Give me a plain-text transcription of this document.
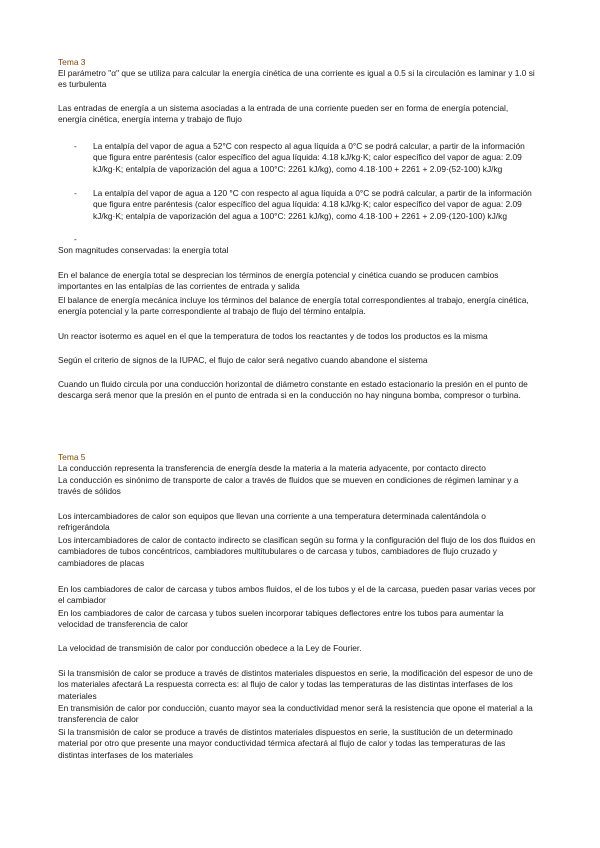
Tema 3
El parámetro "α" que se utiliza para calcular la energía cinética de una corriente es igual a 0.5 si la circulación es laminar y 1.0 si es turbulenta
Las entradas de energía a un sistema asociadas a la entrada de una corriente pueden ser en forma de energía potencial, energía cinética, energía interna y trabajo de flujo
-	La entalpía del vapor de agua a 52°C con respecto al agua líquida a 0°C se podrá calcular, a partir de la información que figura entre paréntesis (calor específico del agua líquida: 4.18 kJ/kg·K; calor específico del vapor de agua: 2.09 kJ/kg·K; entalpía de vaporización del agua a 100°C: 2261 kJ/kg), como 4.18·100 + 2261 + 2.09·(52-100) kJ/kg
-	La entalpía del vapor de agua a 120 °C con respecto al agua líquida a 0°C se podrá calcular, a partir de la información que figura entre paréntesis (calor específico del agua líquida: 4.18 kJ/kg·K; calor específico del vapor de agua: 2.09 kJ/kg·K; entalpía de vaporización del agua a 100°C: 2261 kJ/kg), como 4.18·100 + 2261 + 2.09·(120-100) kJ/kg
-
Son magnitudes conservadas: la energía total
En el balance de energía total se desprecian los términos de energía potencial y cinética cuando se producen cambios importantes en las entalpías de las corrientes de entrada y salida
El balance de energía mecánica incluye los términos del balance de energía total correspondientes al trabajo, energía cinética, energía potencial y la parte correspondiente al trabajo de flujo del término entalpía.
Un reactor isotermo es aquel en el que la temperatura de todos los reactantes y de todos los productos es la misma
Según el criterio de signos de la IUPAC, el flujo de calor será negativo cuando abandone el sistema
Cuando un fluido circula por una conducción horizontal de diámetro constante en estado estacionario la presión en el punto de descarga será menor que la presión en el punto de entrada si en la conducción no hay ninguna bomba, compresor o turbina.
Tema 5
La conducción representa la transferencia de energía desde la materia a la materia adyacente, por contacto directo
La conducción es sinónimo de transporte de calor a través de fluidos que se mueven en condiciones de régimen laminar y a través de sólidos
Los intercambiadores de calor son equipos que llevan una corriente a una temperatura determinada calentándola o refrigerándola
Los intercambiadores de calor de contacto indirecto se clasifican según su forma y la configuración del flujo de los dos fluidos en cambiadores de tubos concéntricos, cambiadores multitubulares o de carcasa y tubos, cambiadores de flujo cruzado y cambiadores de placas
En los cambiadores de calor de carcasa y tubos ambos fluidos, el de los tubos y el de la carcasa, pueden pasar varias veces por el cambiador
En los cambiadores de calor de carcasa y tubos suelen incorporar tabiques deflectores entre los tubos para aumentar la velocidad de transferencia de calor
La velocidad de transmisión de calor por conducción obedece a la Ley de Fourier.
Si la transmisión de calor se produce a través de distintos materiales dispuestos en serie, la modificación del espesor de uno de los materiales afectará La respuesta correcta es: al flujo de calor y todas las temperaturas de las distintas interfases de los materiales
En transmisión de calor por conducción, cuanto mayor sea la conductividad menor será la resistencia que opone el material a la transferencia de calor
Si la transmisión de calor se produce a través de distintos materiales dispuestos en serie, la sustitución de un determinado material por otro que presente una mayor conductividad térmica afectará al flujo de calor y todas las temperaturas de las distintas interfases de los materiales
